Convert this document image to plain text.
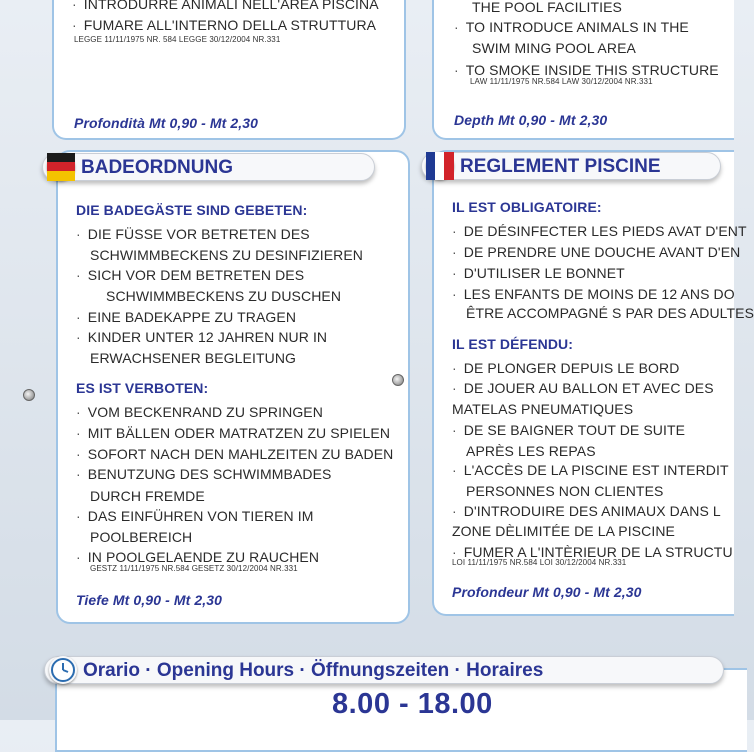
· INTRODURRE ANIMALI NELL'AREA PISCINA
· FUMARE ALL'INTERNO DELLA STRUTTURA
LEGGE 11/11/1975 NR. 584 LEGGE 30/12/2004 NR.331
Profondità Mt 0,90 - Mt 2,30
THE POOL FACILITIES
· TO INTRODUCE ANIMALS IN THE
SWIM MING POOL AREA
· TO SMOKE INSIDE THIS STRUCTURE
LAW 11/11/1975 NR.584 LAW 30/12/2004 NR.331
Depth Mt 0,90 - Mt 2,30
BADEORDNUNG
DIE BADEGÄSTE SIND GEBETEN:
· DIE FÜSSE VOR BETRETEN DES
SCHWIMMBECKENS ZU DESINFIZIEREN
· SICH VOR DEM BETRETEN DES
SCHWIMMBECKENS ZU DUSCHEN
· EINE BADEKAPPE ZU TRAGEN
· KINDER UNTER 12 JAHREN NUR IN
ERWACHSENER BEGLEITUNG
ES IST VERBOTEN:
· VOM BECKENRAND ZU SPRINGEN
· MIT BÄLLEN ODER MATRATZEN ZU SPIELEN
· SOFORT NACH DEN MAHLZEITEN ZU BADEN
· BENUTZUNG DES SCHWIMMBADES
DURCH FREMDE
· DAS EINFÜHREN VON TIEREN IM
POOLBEREICH
· IN POOLGELAENDE ZU RAUCHEN
GESTZ 11/11/1975 NR.584 GESETZ 30/12/2004 NR.331
Tiefe Mt 0,90 - Mt 2,30
REGLEMENT PISCINE
IL EST OBLIGATOIRE:
· DE DÉSINFECTER LES PIEDS AVAT D'ENT
· DE PRENDRE UNE DOUCHE AVANT D'EN
· D'UTILISER LE BONNET
· LES ENFANTS DE MOINS DE 12 ANS DO
ÊTRE ACCOMPAGNÉ S PAR DES ADULTES
IL EST DÉFENDU:
· DE PLONGER DEPUIS LE BORD
· DE JOUER AU BALLON ET AVEC DES
MATELAS PNEUMATIQUES
· DE SE BAIGNER TOUT DE SUITE
APRÈS LES REPAS
· L'ACCÈS DE LA PISCINE EST INTERDIT
PERSONNES NON CLIENTES
· D'INTRODUIRE DES ANIMAUX DANS L
ZONE DÈLIMITÉE DE LA PISCINE
· FUMER A L'INTÈRIEUR DE LA STRUCTU
LOI 11/11/1975 NR.584 LOI 30/12/2004 NR.331
Profondeur Mt 0,90 - Mt 2,30
Orario · Opening Hours · Öffnungszeiten · Horaires
8.00 - 18.00
